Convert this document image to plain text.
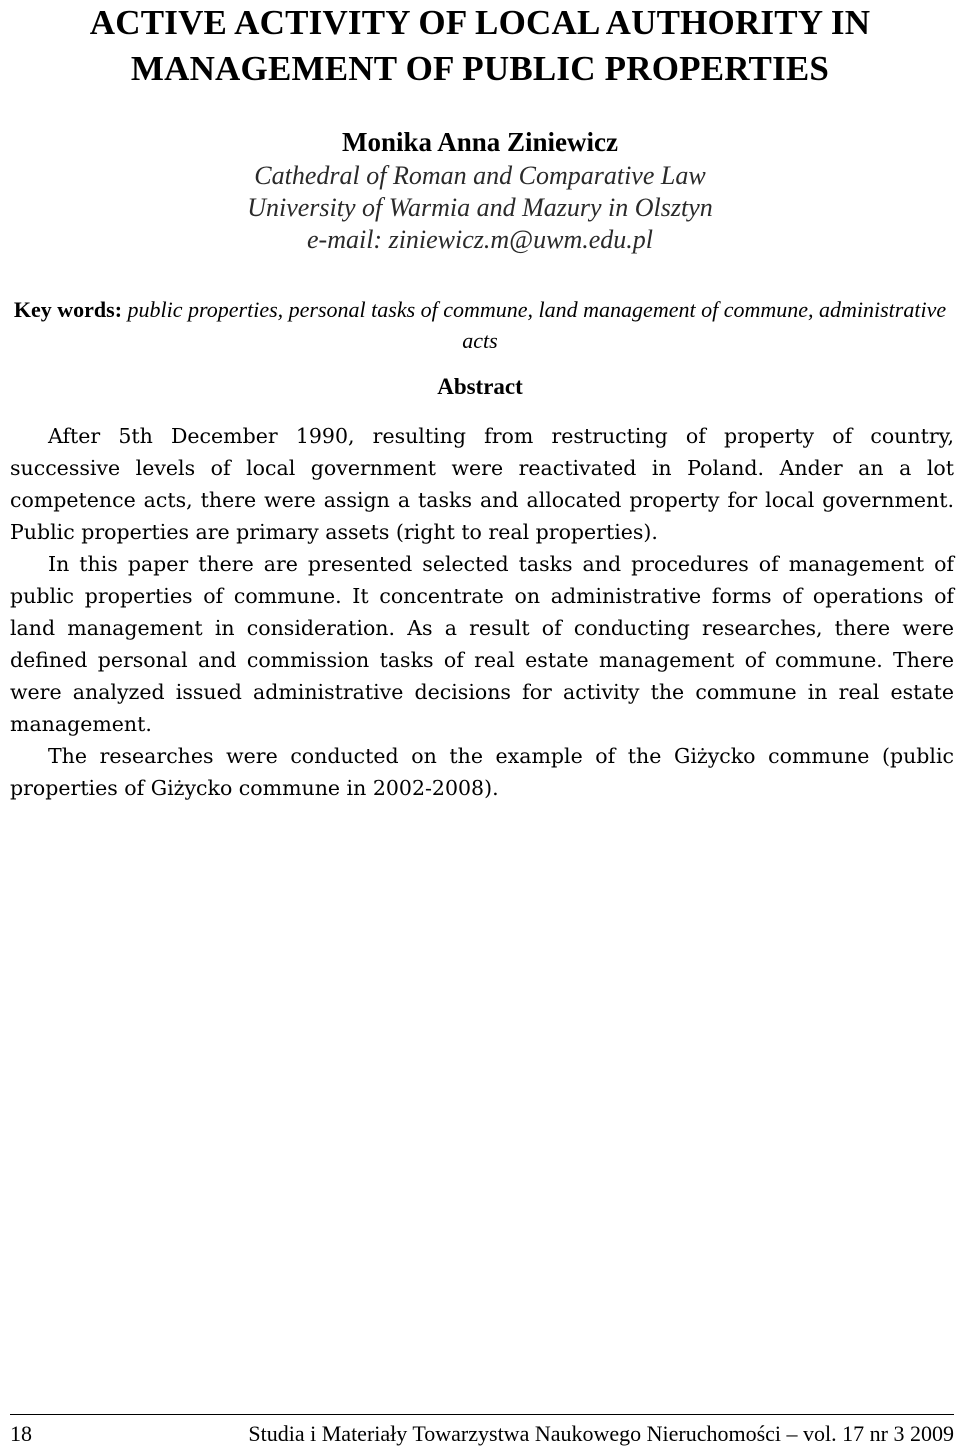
ACTIVE ACTIVITY OF LOCAL AUTHORITY IN
MANAGEMENT OF PUBLIC PROPERTIES
Monika Anna Ziniewicz
Cathedral of Roman and Comparative Law
University of Warmia and Mazury in Olsztyn
e-mail: ziniewicz.m@uwm.edu.pl
Key words: public properties, personal tasks of commune, land management of commune, administrative acts
Abstract

After 5th December 1990, resulting from restructing of property of country, successive levels of local government were reactivated in Poland. Ander an a lot competence acts, there were assign a tasks and allocated property for local government. Public properties are primary assets (right to real properties).

In this paper there are presented selected tasks and procedures of management of public properties of commune. It concentrate on administrative forms of operations of land management in consideration. As a result of conducting researches, there were defined personal and commission tasks of real estate management of commune. There were analyzed issued administrative decisions for activity the commune in real estate management.

The researches were conducted on the example of the Giżycko commune (public properties of Giżycko commune in 2002-2008).

18	Studia i Materiały Towarzystwa Naukowego Nieruchomości – vol. 17 nr 3 2009
